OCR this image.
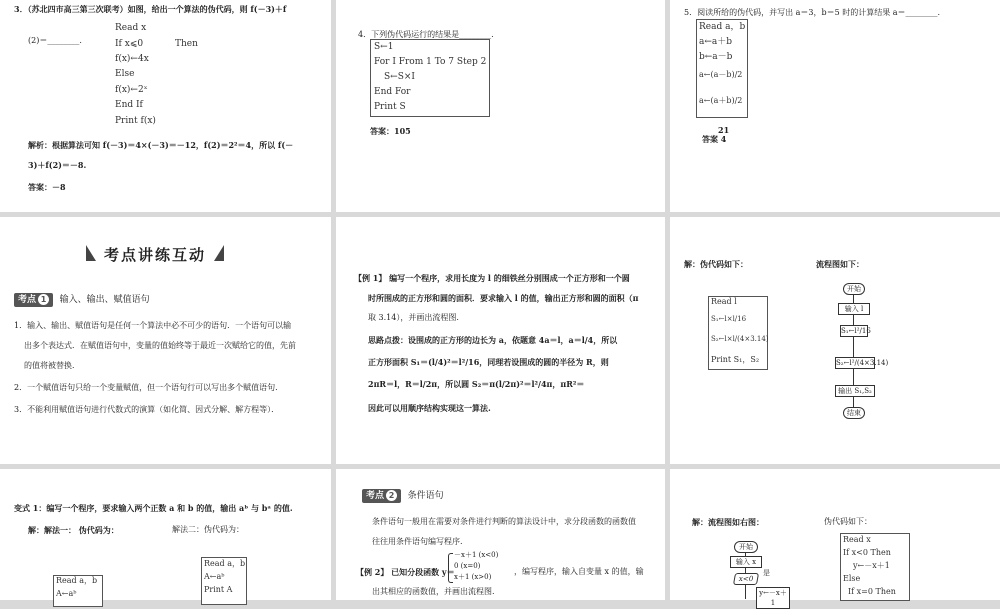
3．（苏北四市高三第三次联考）如图，给出一个算法的伪代码，则 f(－3)＋f
(2)＝________.
Read x
If x⩽0	Then
f(x)←4x
Else
f(x)←2ˣ
End If
Print f(x)
解析：根据算法可知 f(－3)＝4×(－3)＝－12，f(2)＝2²＝4，所以 f(－
3)＋f(2)＝－8.
答案：－8
4．下列伪代码运行的结果是________.
S←1
For I From 1 To 7 Step 2
S←S×I
End For
Print S
答案：105
5．阅读所给的伪代码，并写出 a＝3，b＝5 时的计算结果 a＝________.
Read a，b
a←a＋b
b←a－b
a←(a－b)/2
a←(a＋b)/2
21
答案 4
考点讲练互动
考点 1 输入、输出、赋值语句
1．输入、输出、赋值语句是任何一个算法中必不可少的语句．一个语句可以输
出多个表达式．在赋值语句中，变量的值始终等于最近一次赋给它的值，先前
的值将被替换．
2．一个赋值语句只给一个变量赋值，但一个语句行可以写出多个赋值语句．
3．不能利用赋值语句进行代数式的演算（如化简、因式分解、解方程等）．
【例 1】 编写一个程序，求用长度为 l 的细铁丝分别围成一个正方形和一个圆
时所围成的正方形和圆的面积．要求输入 l 的值，输出正方形和圆的面积（π
取 3.14），并画出流程图.
思路点拨：设围成的正方形的边长为 a，依题意 4a＝l，a＝l/4，所以
正方形面积 S₁＝(l/4)²＝l²/16，同理若设围成的圆的半径为 R，则
2πR＝l，R＝l/2π，所以圆 S₂＝π(l/2π)²＝l²/4π，πR²＝
因此可以用顺序结构实现这一算法.
解：伪代码如下：	流程图如下：
Read l
S₁←l×l/16
S₂←l×l/(4×3.14)
Print S₁，S₂
开始
输入 l
S₁←l²/16
S₂←l²/(4×3.14)
输出 S₁,S₂
结束
变式 1：编写一个程序，要求输入两个正数 a 和 b 的值，输出 aᵇ 与 bᵃ 的值.
解：解法一： 伪代码为：	解法二：伪代码为：
Read a，b
A←aᵇ
Read a，b
A←aᵇ
Print A
考点 2 条件语句
条件语句一般用在需要对条件进行判断的算法设计中，求分段函数的函数值
往往用条件语句编写程序.
【例 2】 已知分段函数 y＝
－x＋1 (x<0)
0 (x=0)
x＋1 (x>0)
，编写程序，输入自变量 x 的值，输
出其相应的函数值，并画出流程图.
解：流程图如右图：	伪代码如下：
开始
输入 x
x<0
是
y←－x＋1
Read x
If x<0 Then
y←－x＋1
Else
If x=0 Then
